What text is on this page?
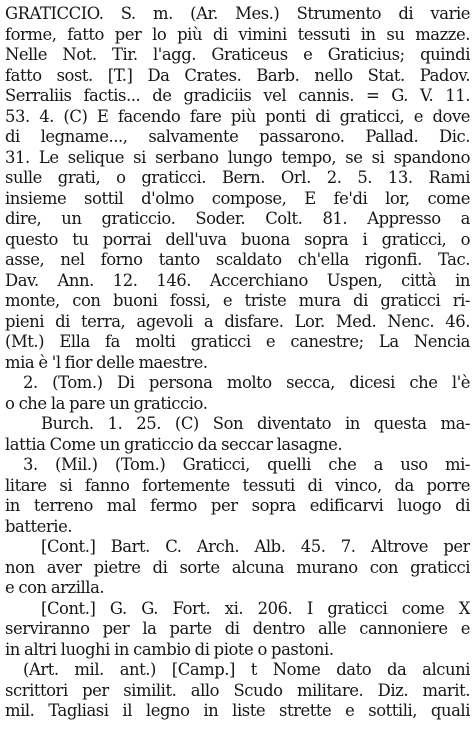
GRATICCIO. S. m. (Ar. Mes.) Strumento di varie
forme, fatto per lo più di vimini tessuti in su mazze.
Nelle Not. Tir. l'agg. Graticeus e Graticius; quindi
fatto sost. [T.] Da Crates. Barb. nello Stat. Padov.
Serraliis factis... de gradiciis vel cannis. = G. V. 11.
53. 4. (C) E facendo fare più ponti di graticci, e dove
di legname..., salvamente passarono. Pallad. Dic.
31. Le selique si serbano lungo tempo, se si spandono
sulle grati, o graticci. Bern. Orl. 2. 5. 13. Rami
insieme sottil d'olmo compose, E fe'di lor, come
dire, un graticcio. Soder. Colt. 81. Appresso a
questo tu porrai dell'uva buona sopra i graticci, o
asse, nel forno tanto scaldato ch'ella rigonfi. Tac.
Dav. Ann. 12. 146. Accerchiano Uspen, città in
monte, con buoni fossi, e triste mura di graticci ri-
pieni di terra, agevoli a disfare. Lor. Med. Nenc. 46.
(Mt.) Ella fa molti graticci e canestre; La Nencia
mia è 'l fior delle maestre.
2. (Tom.) Di persona molto secca, dicesi che l'è
o che la pare un graticcio.
Burch. 1. 25. (C) Son diventato in questa ma-
lattia Come un graticcio da seccar lasagne.
3. (Mil.) (Tom.) Graticci, quelli che a uso mi-
litare si fanno fortemente tessuti di vinco, da porre
in terreno mal fermo per sopra edificarvi luogo di
batterie.
[Cont.] Bart. C. Arch. Alb. 45. 7. Altrove per
non aver pietre di sorte alcuna murano con graticci
e con arzilla.
[Cont.] G. G. Fort. xi. 206. I graticci come X
serviranno per la parte di dentro alle cannoniere e
in altri luoghi in cambio di piote o pastoni.
(Art. mil. ant.) [Camp.] t Nome dato da alcuni
scrittori per similit. allo Scudo militare. Diz. marit.
mil. Tagliasi il legno in liste strette e sottili, quali
